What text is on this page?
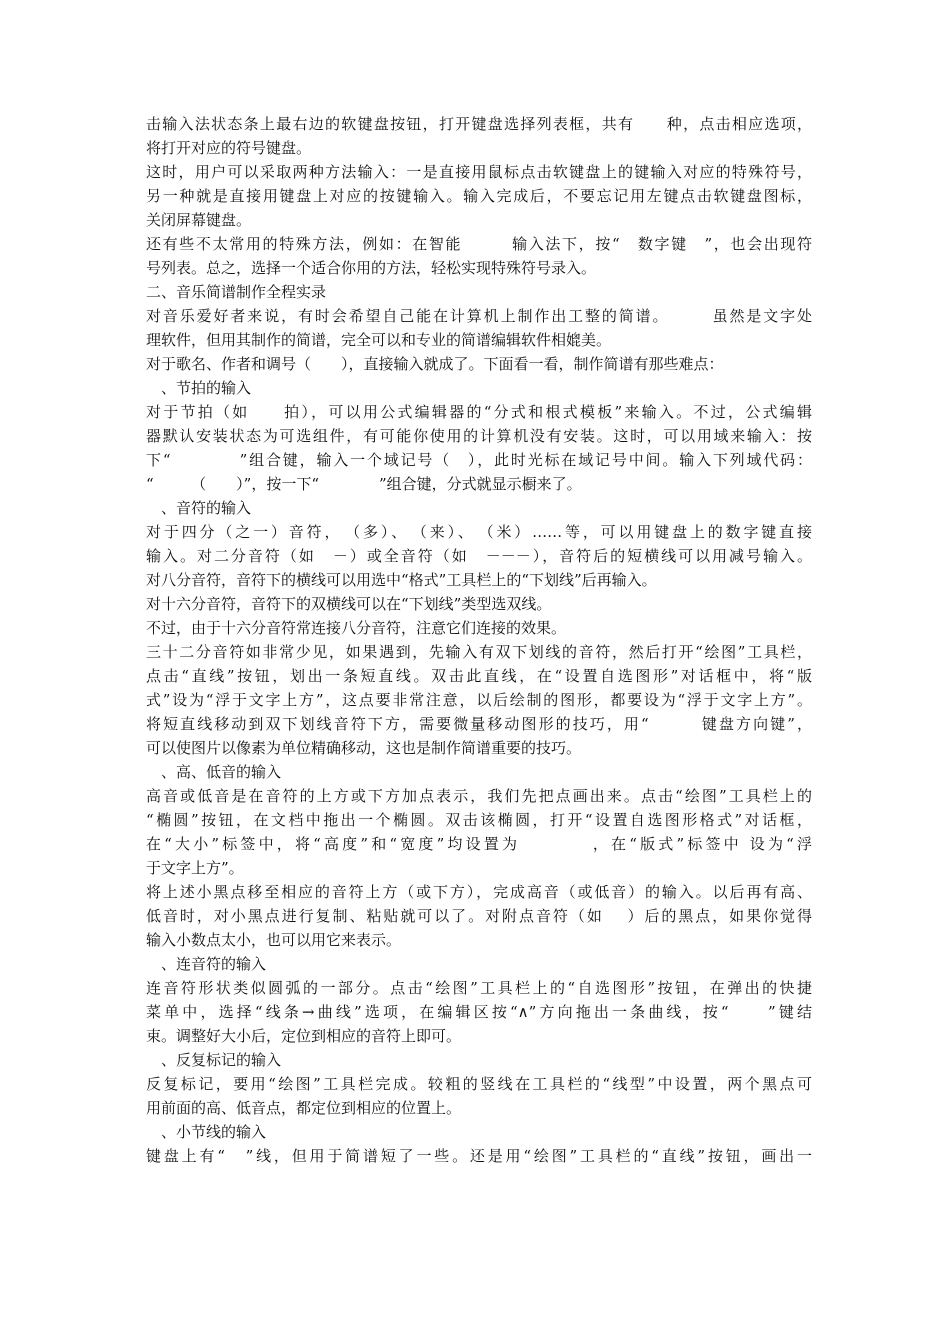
击输入法状态条上最右边的软键盘按钮，打开键盘选择列表框，共有　　种，点击相应选项，
将打开对应的符号键盘。
这时，用户可以采取两种方法输入：一是直接用鼠标点击软键盘上的键输入对应的特殊符号，
另一种就是直接用键盘上对应的按键输入。输入完成后，不要忘记用左键点击软键盘图标，
关闭屏幕键盘。
还有些不太常用的特殊方法，例如：在智能　　　输入法下，按“　数字键　”，也会出现符
号列表。总之，选择一个适合你用的方法，轻松实现特殊符号录入。
二、音乐简谱制作全程实录
对音乐爱好者来说，有时会希望自己能在计算机上制作出工整的简谱。　　　虽然是文字处
理软件，但用其制作的简谱，完全可以和专业的简谱编辑软件相媲美。
对于歌名、作者和调号（　　），直接输入就成了。下面看一看，制作简谱有那些难点：
　、节拍的输入
对于节拍（如　　拍），可以用公式编辑器的“分式和根式模板”来输入。不过，公式编辑
器默认安装状态为可选组件，有可能你使用的计算机没有安装。这时，可以用域来输入：按
下“　　　　”组合键，输入一个域记号（　），此时光标在域记号中间。输入下列域代码：
“　　　（　　）”，按一下“　　　　”组合键，分式就显示橱来了。
　、音符的输入
对于四分（之一）音符，　（多）、　（来）、　（米）……等，可以用键盘上的数字键直接
输入。对二分音符（如　－）或全音符（如　－－－），音符后的短横线可以用减号输入。
对八分音符，音符下的横线可以用选中“格式”工具栏上的“下划线”后再输入。
对十六分音符，音符下的双横线可以在“下划线”类型选双线。
不过，由于十六分音符常连接八分音符，注意它们连接的效果。
三十二分音符如非常少见，如果遇到，先输入有双下划线的音符，然后打开“绘图”工具栏，
点击“直线”按钮，划出一条短直线。双击此直线，在“设置自选图形”对话框中，将“版
式”设为“浮于文字上方”，这点要非常注意，以后绘制的图形，都要设为“浮于文字上方”。
将短直线移动到双下划线音符下方，需要微量移动图形的技巧，用“　　　键盘方向键”，
可以使图片以像素为单位精确移动，这也是制作简谱重要的技巧。
　、高、低音的输入
高音或低音是在音符的上方或下方加点表示，我们先把点画出来。点击“绘图”工具栏上的
“椭圆”按钮，在文档中拖出一个椭圆。双击该椭圆，打开“设置自选图形格式”对话框，
在“大小”标签中，将“高度”和“宽度”均设置为　　　　，在“版式”标签中 设为“浮
于文字上方”。
将上述小黑点移至相应的音符上方（或下方），完成高音（或低音）的输入。以后再有高、
低音时，对小黑点进行复制、粘贴就可以了。对附点音符（如　 ）后的黑点，如果你觉得
输入小数点太小，也可以用它来表示。
　、连音符的输入
连音符形状类似圆弧的一部分。点击“绘图”工具栏上的“自选图形”按钮，在弹出的快捷
菜单中，选择“线条→曲线”选项，在编辑区按“∧”方向拖出一条曲线，按“　　”键结
束。调整好大小后，定位到相应的音符上即可。
　、反复标记的输入
反复标记，要用“绘图”工具栏完成。较粗的竖线在工具栏的“线型”中设置，两个黑点可
用前面的高、低音点，都定位到相应的位置上。
　、小节线的输入
键盘上有“　”线，但用于简谱短了一些。还是用“绘图”工具栏的“直线”按钮，画出一
